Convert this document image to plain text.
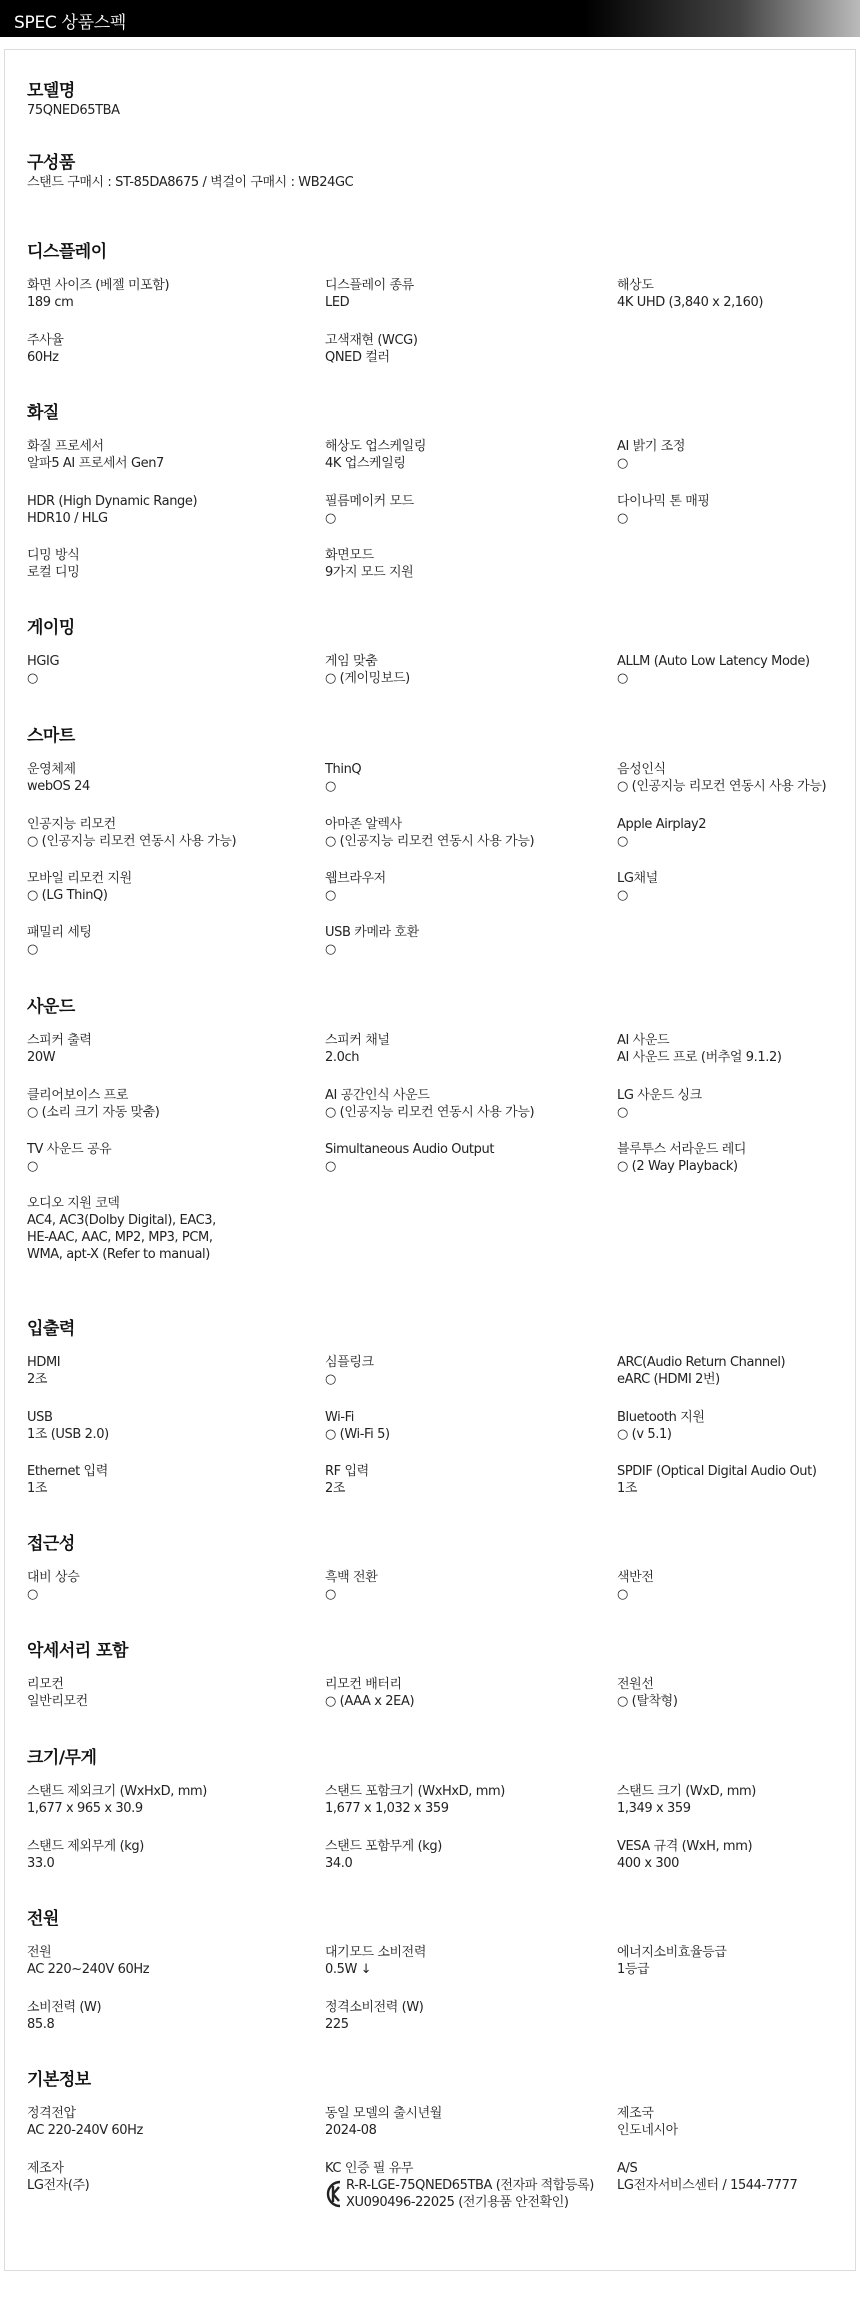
SPEC 상품스펙
모델명
75QNED65TBA
구성품
스탠드 구매시 : ST-85DA8675 / 벽걸이 구매시 : WB24GC
디스플레이
화면 사이즈 (베젤 미포함)
189 cm
디스플레이 종류
LED
해상도
4K UHD (3,840 x 2,160)
주사율
60Hz
고색재현 (WCG)
QNED 컬러
화질
화질 프로세서
알파5 AI 프로세서 Gen7
해상도 업스케일링
4K 업스케일링
AI 밝기 조정
○
HDR (High Dynamic Range)
HDR10 / HLG
필름메이커 모드
○
다이나믹 톤 매핑
○
디밍 방식
로컬 디밍
화면모드
9가지 모드 지원
게이밍
HGIG
○
게임 맞춤
○ (게이밍보드)
ALLM (Auto Low Latency Mode)
○
스마트
운영체제
webOS 24
ThinQ
○
음성인식
○ (인공지능 리모컨 연동시 사용 가능)
인공지능 리모컨
○ (인공지능 리모컨 연동시 사용 가능)
아마존 알렉사
○ (인공지능 리모컨 연동시 사용 가능)
Apple Airplay2
○
모바일 리모컨 지원
○ (LG ThinQ)
웹브라우저
○
LG채널
○
패밀리 세팅
○
USB 카메라 호환
○
사운드
스피커 출력
20W
스피커 채널
2.0ch
AI 사운드
AI 사운드 프로 (버추얼 9.1.2)
클리어보이스 프로
○ (소리 크기 자동 맞춤)
AI 공간인식 사운드
○ (인공지능 리모컨 연동시 사용 가능)
LG 사운드 싱크
○
TV 사운드 공유
○
Simultaneous Audio Output
○
블루투스 서라운드 레디
○ (2 Way Playback)
오디오 지원 코덱
AC4, AC3(Dolby Digital), EAC3,
HE-AAC, AAC, MP2, MP3, PCM,
WMA, apt-X (Refer to manual)
입출력
HDMI
2조
심플링크
○
ARC(Audio Return Channel)
eARC (HDMI 2번)
USB
1조 (USB 2.0)
Wi-Fi
○ (Wi-Fi 5)
Bluetooth 지원
○ (v 5.1)
Ethernet 입력
1조
RF 입력
2조
SPDIF (Optical Digital Audio Out)
1조
접근성
대비 상승
○
흑백 전환
○
색반전
○
악세서리 포함
리모컨
일반리모컨
리모컨 배터리
○ (AAA x 2EA)
전원선
○ (탈착형)
크기/무게
스탠드 제외크기 (WxHxD, mm)
1,677 x 965 x 30.9
스탠드 포함크기 (WxHxD, mm)
1,677 x 1,032 x 359
스탠드 크기 (WxD, mm)
1,349 x 359
스탠드 제외무게 (kg)
33.0
스탠드 포함무게 (kg)
34.0
VESA 규격 (WxH, mm)
400 x 300
전원
전원
AC 220~240V 60Hz
대기모드 소비전력
0.5W ↓
에너지소비효율등급
1등급
소비전력 (W)
85.8
정격소비전력 (W)
225
기본정보
정격전압
AC 220-240V 60Hz
동일 모델의 출시년월
2024-08
제조국
인도네시아
제조자
LG전자(주)
KC 인증 필 유무
R-R-LGE-75QNED65TBA (전자파 적합등록)
XU090496-22025 (전기용품 안전확인)
A/S
LG전자서비스센터 / 1544-7777
